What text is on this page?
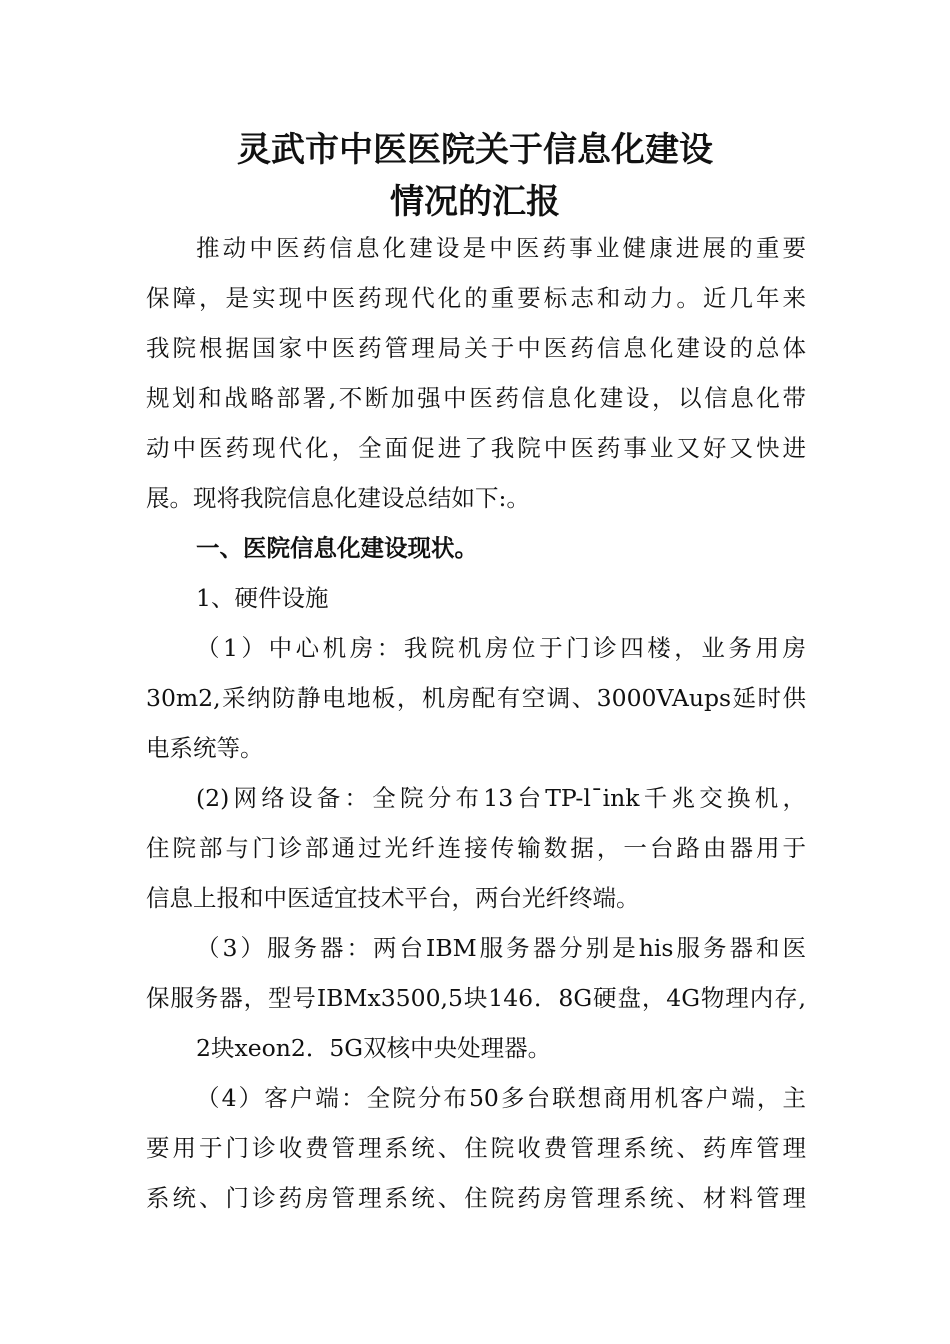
灵武市中医医院关于信息化建设
情况的汇报
推动中医药信息化建设是中医药事业健康进展的重要
保障，是实现中医药现代化的重要标志和动力。近几年来
我院根据国家中医药管理局关于中医药信息化建设的总体
规划和战略部署,不断加强中医药信息化建设，以信息化带
动中医药现代化，全面促进了我院中医药事业又好又快进
展。现将我院信息化建设总结如下:。
一、医院信息化建设现状。
1、硬件设施
（1）中心机房：我院机房位于门诊四楼，业务用房
30m2,采纳防静电地板，机房配有空调、3000VAups延时供
电系统等。
(2)网络设备：全院分布13台TP-l¯ink千兆交换机，
住院部与门诊部通过光纤连接传输数据，一台路由器用于
信息上报和中医适宜技术平台，两台光纤终端。
（3）服务器：两台IBM服务器分别是his服务器和医
保服务器，型号IBMx3500,5块146．8G硬盘，4G物理内存,
2块xeon2．5G双核中央处理器。
（4）客户端：全院分布50多台联想商用机客户端，主
要用于门诊收费管理系统、住院收费管理系统、药库管理
系统、门诊药房管理系统、住院药房管理系统、材料管理
